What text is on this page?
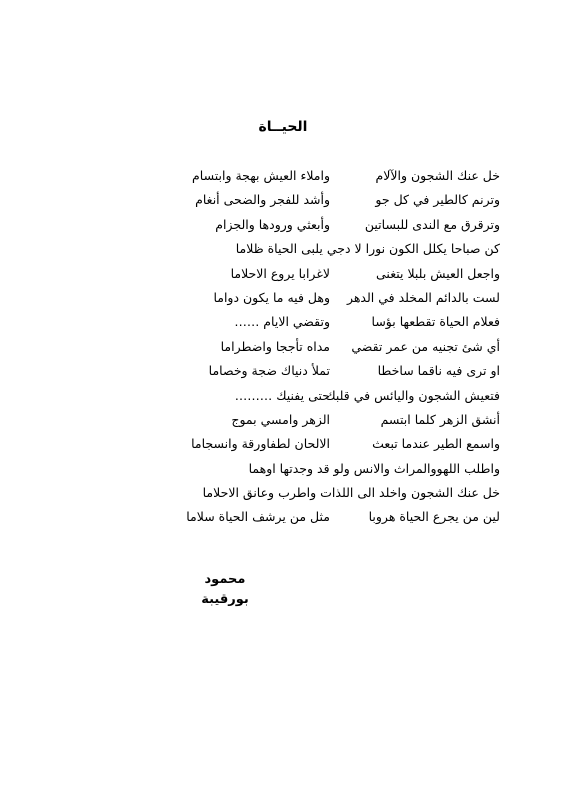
الحيــاة
خل عنك الشجون والآلام
واملاء العيش بهجة وابتسام
وترنم كالطير في كل جو
وأشد للفجر والضحى أنغام
وترقرق مع الندى للبساتين
وأبعثي ورودها والجزام
كن صباحا يكلل الكون نورا لا دجي يلبى الحياة ظلاما
واجعل العيش بلبلا يتغنى
لاغرابا يروع الاحلاما
لست بالدائم المخلد في الدهر
وهل فيه ما يكون دواما
فعلام الحياة تقطعها بؤسا
وتقضي الايام ……
أي شئ تجنيه من عمر تقضي
مداه تأججا واضطراما
او ترى فيه ناقما ساخطا
تملأ دنياك ضجة وخصاما
فتعيش الشجون واليائس في قلبك
حتى يفنيك ………
أنشق الزهر كلما ابتسم
الزهر وامسي بموج
واسمع الطير عندما تبعث
الالحان لطفاورقة وانسجاما
واطلب اللهووالمراث والانس ولو قد وجدتها اوهما
خل عنك الشجون واخلد الى اللذات واطرب وعانق الاحلاما
لين من يجرع الحياة هروبا
مثل من يرشف الحياة سلاما
محمود بورقيبة
